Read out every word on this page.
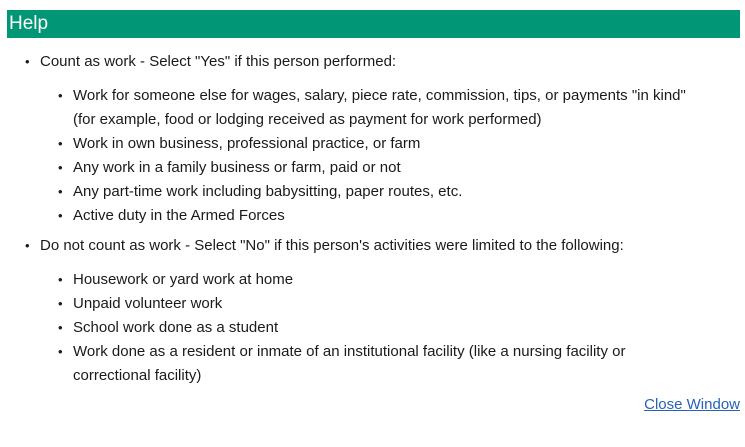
Help
• Count as work - Select "Yes" if this person performed:
• Work for someone else for wages, salary, piece rate, commission, tips, or payments "in kind" (for example, food or lodging received as payment for work performed)
• Work in own business, professional practice, or farm
• Any work in a family business or farm, paid or not
• Any part-time work including babysitting, paper routes, etc.
• Active duty in the Armed Forces
• Do not count as work - Select "No" if this person's activities were limited to the following:
• Housework or yard work at home
• Unpaid volunteer work
• School work done as a student
• Work done as a resident or inmate of an institutional facility (like a nursing facility or correctional facility)
Close Window
